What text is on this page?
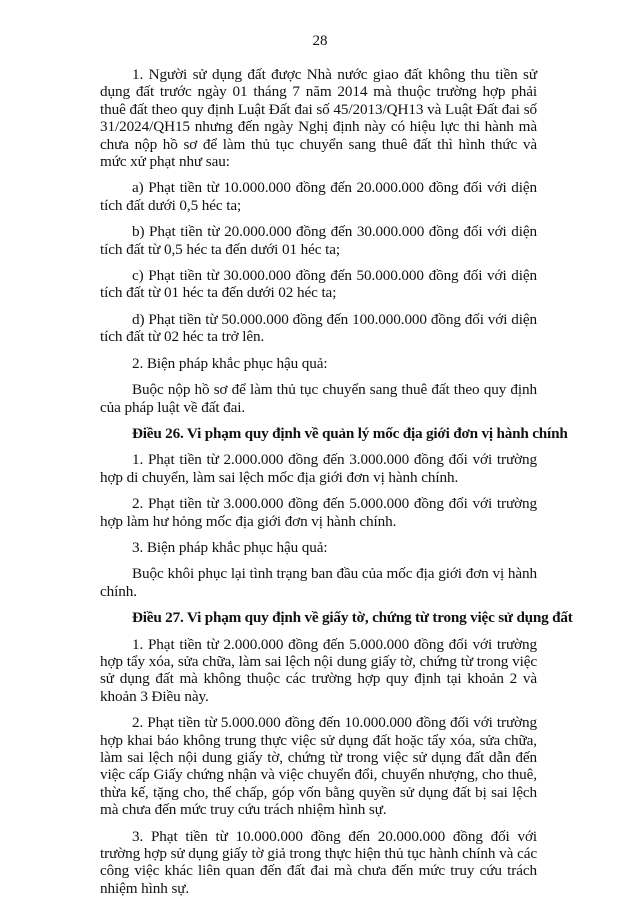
28

1. Người sử dụng đất được Nhà nước giao đất không thu tiền sử dụng đất trước ngày 01 tháng 7 năm 2014 mà thuộc trường hợp phải thuê đất theo quy định Luật Đất đai số 45/2013/QH13 và Luật Đất đai số 31/2024/QH15 nhưng đến ngày Nghị định này có hiệu lực thi hành mà chưa nộp hồ sơ để làm thủ tục chuyển sang thuê đất thì hình thức và mức xử phạt như sau:

a) Phạt tiền từ 10.000.000 đồng đến 20.000.000 đồng đối với diện tích đất dưới 0,5 héc ta;

b) Phạt tiền từ 20.000.000 đồng đến 30.000.000 đồng đối với diện tích đất từ 0,5 héc ta đến dưới 01 héc ta;

c) Phạt tiền từ 30.000.000 đồng đến 50.000.000 đồng đối với diện tích đất từ 01 héc ta đến dưới 02 héc ta;

d) Phạt tiền từ 50.000.000 đồng đến 100.000.000 đồng đối với diện tích đất từ 02 héc ta trở lên.

2. Biện pháp khắc phục hậu quả:

Buộc nộp hồ sơ để làm thủ tục chuyển sang thuê đất theo quy định của pháp luật về đất đai.

Điều 26. Vi phạm quy định về quản lý mốc địa giới đơn vị hành chính

1. Phạt tiền từ 2.000.000 đồng đến 3.000.000 đồng đối với trường hợp di chuyển, làm sai lệch mốc địa giới đơn vị hành chính.

2. Phạt tiền từ 3.000.000 đồng đến 5.000.000 đồng đối với trường hợp làm hư hỏng mốc địa giới đơn vị hành chính.

3. Biện pháp khắc phục hậu quả:

Buộc khôi phục lại tình trạng ban đầu của mốc địa giới đơn vị hành chính.

Điều 27. Vi phạm quy định về giấy tờ, chứng từ trong việc sử dụng đất

1. Phạt tiền từ 2.000.000 đồng đến 5.000.000 đồng đối với trường hợp tẩy xóa, sửa chữa, làm sai lệch nội dung giấy tờ, chứng từ trong việc sử dụng đất mà không thuộc các trường hợp quy định tại khoản 2 và khoản 3 Điều này.

2. Phạt tiền từ 5.000.000 đồng đến 10.000.000 đồng đối với trường hợp khai báo không trung thực việc sử dụng đất hoặc tẩy xóa, sửa chữa, làm sai lệch nội dung giấy tờ, chứng từ trong việc sử dụng đất dẫn đến việc cấp Giấy chứng nhận và việc chuyển đổi, chuyển nhượng, cho thuê, thừa kế, tặng cho, thế chấp, góp vốn bằng quyền sử dụng đất bị sai lệch mà chưa đến mức truy cứu trách nhiệm hình sự.

3. Phạt tiền từ 10.000.000 đồng đến 20.000.000 đồng đối với trường hợp sử dụng giấy tờ giả trong thực hiện thủ tục hành chính và các công việc khác liên quan đến đất đai mà chưa đến mức truy cứu trách nhiệm hình sự.
